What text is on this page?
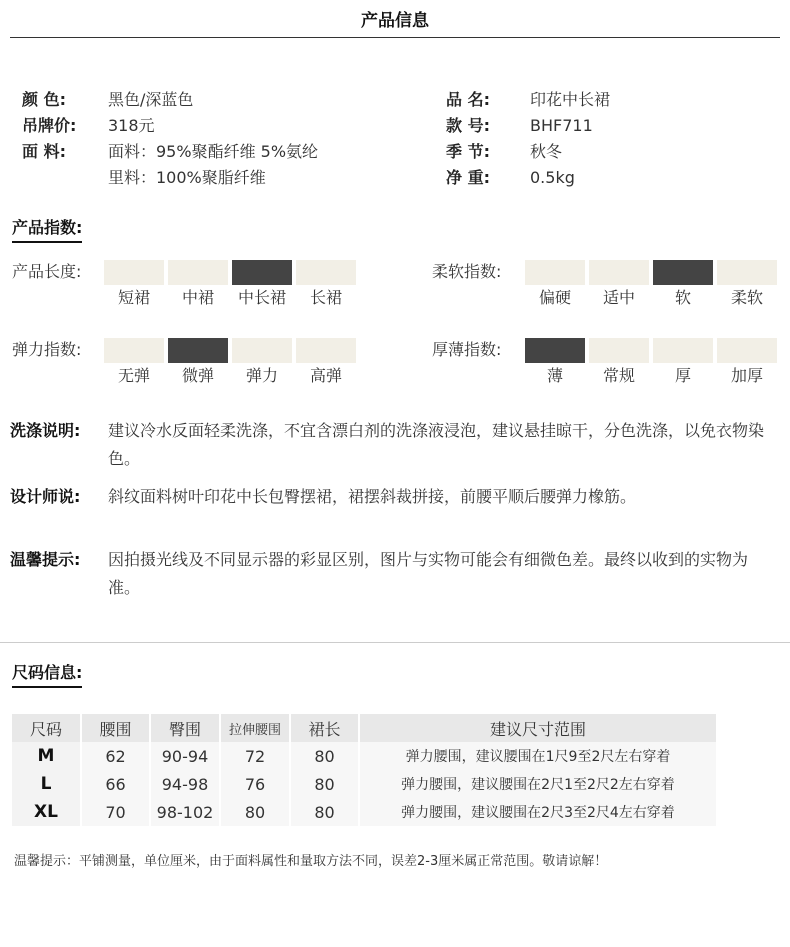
产品信息
颜 色:	黑色/深蓝色
吊牌价: 318元
面 料:	面料：95%聚酯纤维 5%氨纶
里料：100%聚脂纤维
品 名:	印花中长裙
款 号:	BHF711
季 节:	秋冬
净 重:	0.5kg
产品指数:
产品长度:
短裙	中裙	中长裙	长裙
柔软指数:
偏硬	适中	软	柔软
弹力指数:
无弹	微弹	弹力	高弹
厚薄指数:
薄	常规	厚	加厚
洗涤说明: 建议冷水反面轻柔洗涤，不宜含漂白剂的洗涤液浸泡，建议悬挂晾干，分色洗涤，以免衣物染色。
设计师说: 斜纹面料树叶印花中长包臀摆裙，裙摆斜裁拼接，前腰平顺后腰弹力橡筋。
温馨提示: 因拍摄光线及不同显示器的彩显区别，图片与实物可能会有细微色差。最终以收到的实物为准。
尺码信息:
尺码	腰围	臀围	拉伸腰围	裙长	建议尺寸范围
M	62	90-94	72	80	弹力腰围，建议腰围在1尺9至2尺左右穿着
L	66	94-98	76	80	弹力腰围，建议腰围在2尺1至2尺2左右穿着
XL	70	98-102	80	80	弹力腰围，建议腰围在2尺3至2尺4左右穿着
温馨提示：平铺测量，单位厘米，由于面料属性和量取方法不同，误差2-3厘米属正常范围。敬请谅解！
